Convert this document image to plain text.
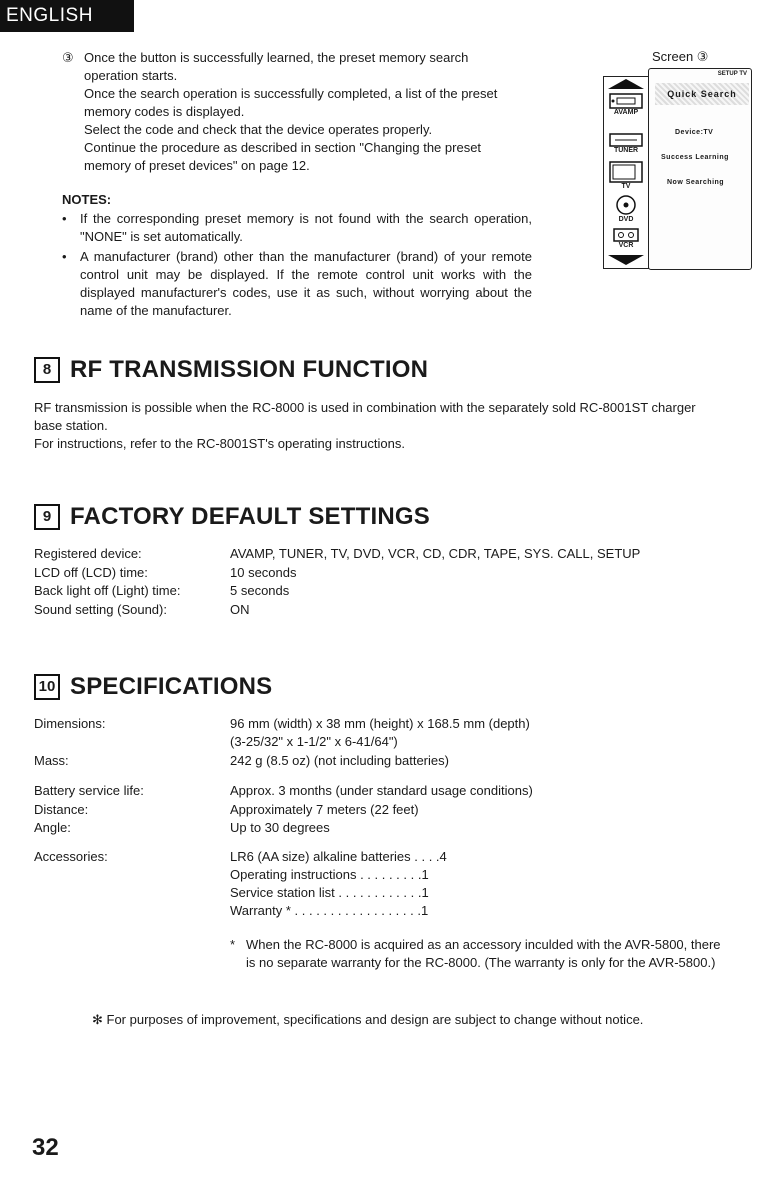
ENGLISH
③ Once the button is successfully learned, the preset memory search
operation starts.
Once the search operation is successfully completed, a list of the preset
memory codes is displayed.
Select the code and check that the device operates properly.
Continue the procedure as described in section "Changing the preset
memory of preset devices" on page 12.
NOTES:
• If the corresponding preset memory is not found with the search operation, "NONE" is set automatically.
• A manufacturer (brand) other than the manufacturer (brand) of your remote control unit may be displayed. If the remote control unit works with the displayed manufacturer's codes, use it as such, without worrying about the name of the manufacturer.
Screen ③
AVAMP
TUNER
TV
DVD
VCR
SETUP TV
Quick Search
Device:TV
Success Learning
Now Searching
8 RF TRANSMISSION FUNCTION
RF transmission is possible when the RC-8000 is used in combination with the separately sold RC-8001ST charger
base station.
For instructions, refer to the RC-8001ST's operating instructions.
9 FACTORY DEFAULT SETTINGS
Registered device:	AVAMP, TUNER, TV, DVD, VCR, CD, CDR, TAPE, SYS. CALL, SETUP
LCD off (LCD) time:	10 seconds
Back light off (Light) time:	5 seconds
Sound setting (Sound):	ON
10 SPECIFICATIONS
Dimensions:	96 mm (width) x 38 mm (height) x 168.5 mm (depth)
(3-25/32" x 1-1/2" x 6-41/64")
Mass:	242 g (8.5 oz) (not including batteries)
Battery service life:	Approx. 3 months (under standard usage conditions)
Distance:	Approximately 7 meters (22 feet)
Angle:	Up to 30 degrees
Accessories:	LR6 (AA size) alkaline batteries . . . .4
Operating instructions . . . . . . . . .1
Service station list . . . . . . . . . . . .1
Warranty * . . . . . . . . . . . . . . . . . .1
* When the RC-8000 is acquired as an accessory inculded with the AVR-5800, there
is no separate warranty for the RC-8000. (The warranty is only for the AVR-5800.)
✻ For purposes of improvement, specifications and design are subject to change without notice.
32
